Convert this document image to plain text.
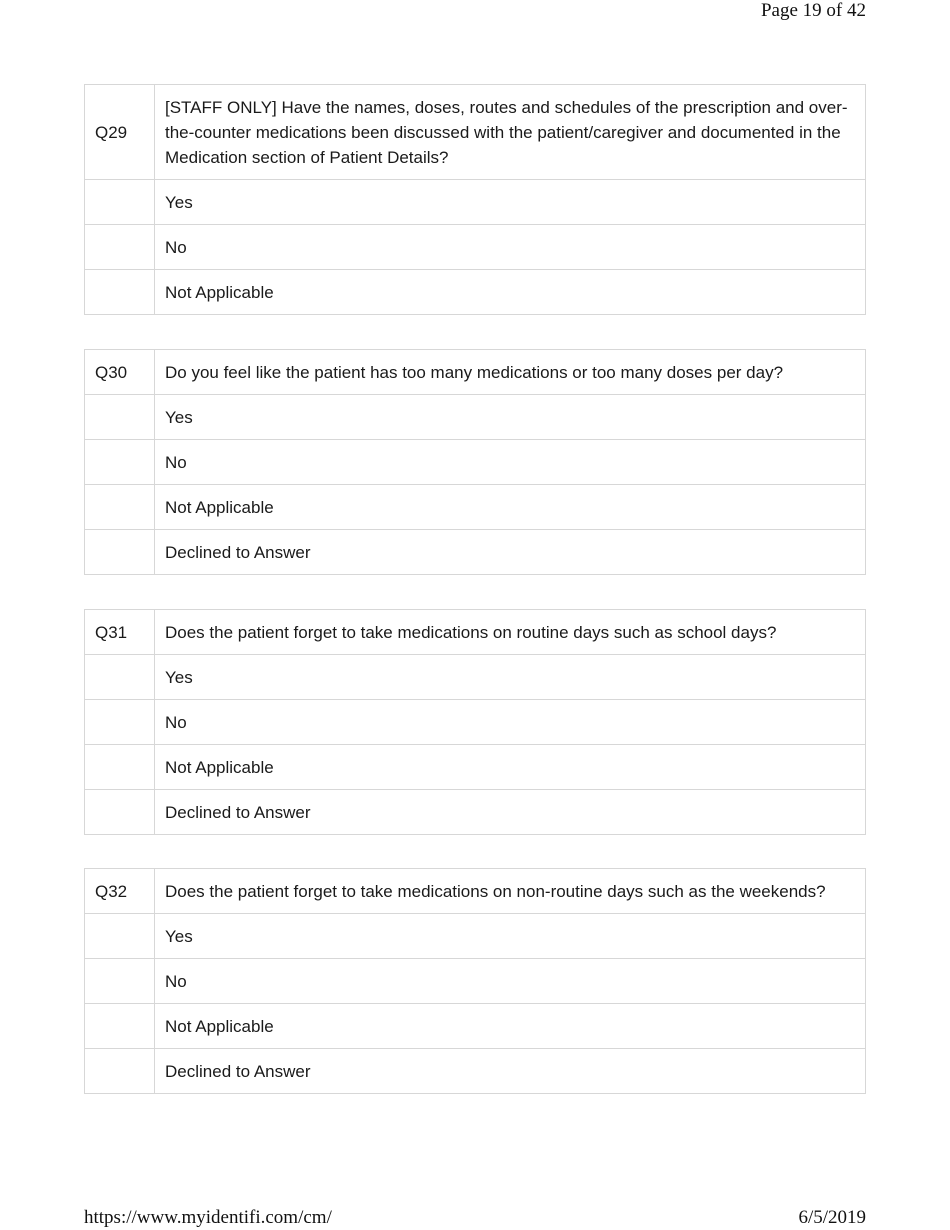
Page 19 of 42
Q29	[STAFF ONLY] Have the names, doses, routes and schedules of the prescription and over-the-counter medications been discussed with the patient/caregiver and documented in the Medication section of Patient Details?
	Yes
	No
	Not Applicable
Q30	Do you feel like the patient has too many medications or too many doses per day?
	Yes
	No
	Not Applicable
	Declined to Answer
Q31	Does the patient forget to take medications on routine days such as school days?
	Yes
	No
	Not Applicable
	Declined to Answer
Q32	Does the patient forget to take medications on non-routine days such as the weekends?
	Yes
	No
	Not Applicable
	Declined to Answer
https://www.myidentifi.com/cm/	6/5/2019
